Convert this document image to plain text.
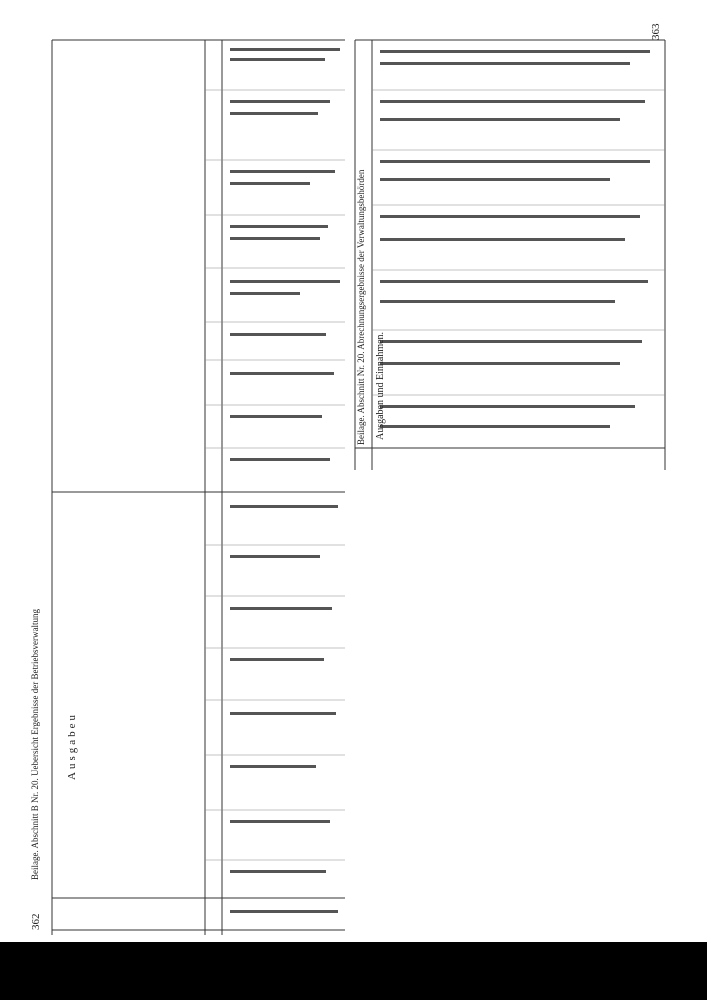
362
Beilage. Abschnitt B Nr. 20. Uebersicht Ergebnisse der Betriebsverwaltung Ausgabeu
363
Beilage. Abschnitt Nr. 20. Abrechnungsergebnisse der Verwaltungsbehörden Ausgaben und Einnahmen.
